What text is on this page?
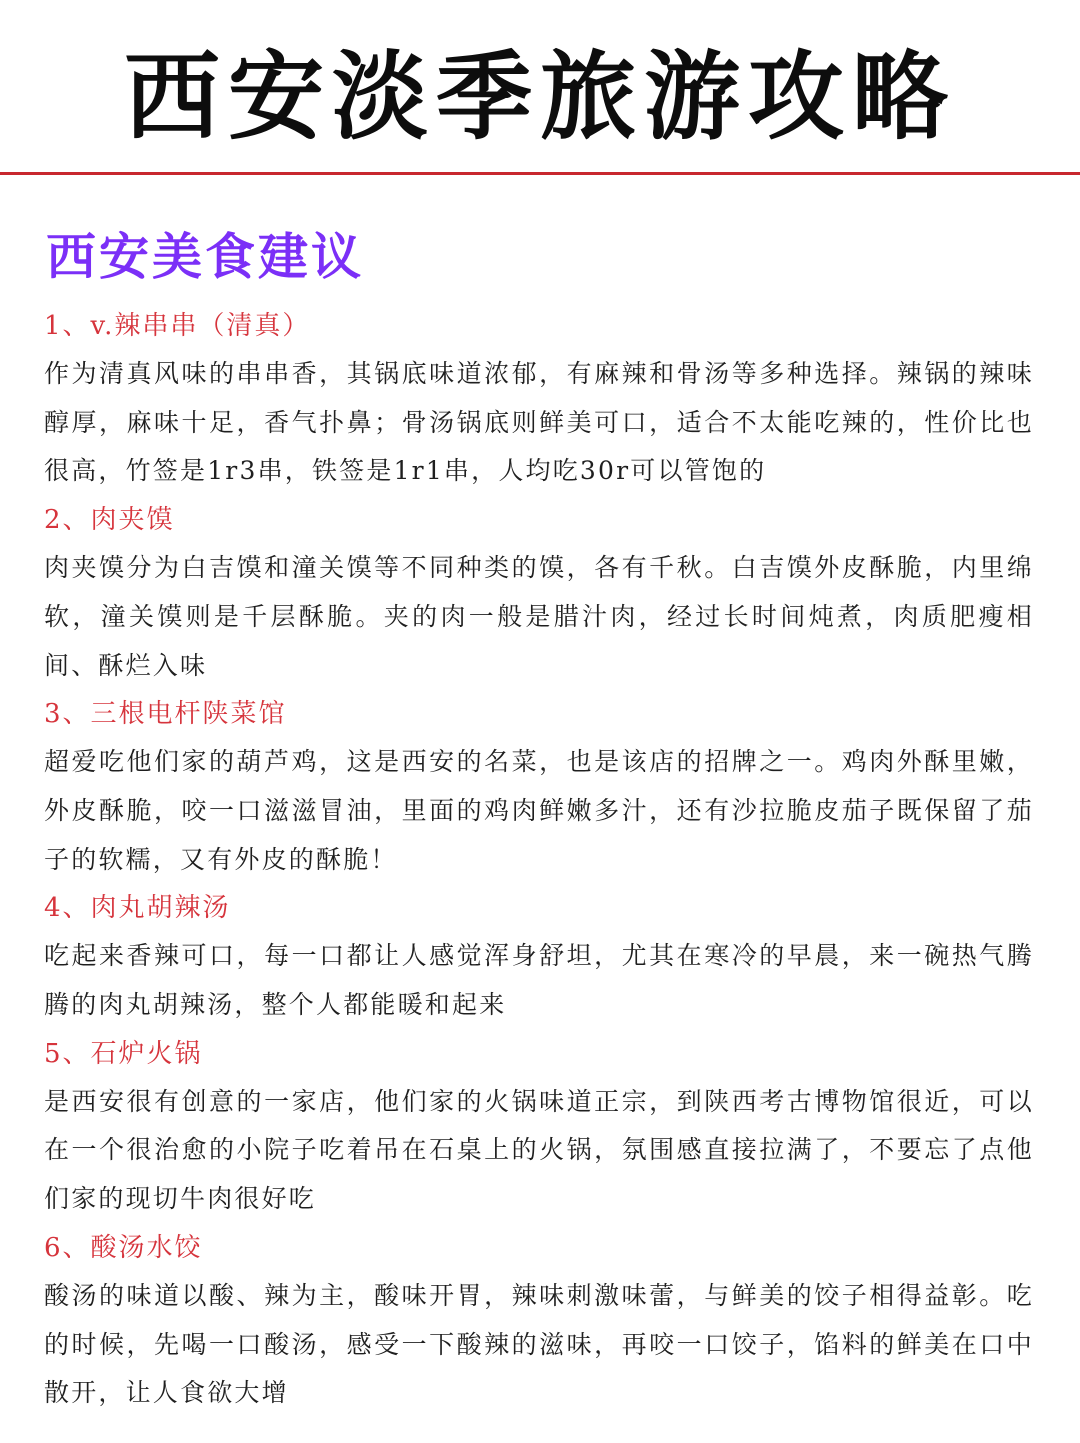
西安淡季旅游攻略
西安美食建议
1、v.辣串串（清真）

作为清真风味的串串香，其锅底味道浓郁，有麻辣和骨汤等多种选择。辣锅的辣味醇厚，麻味十足，香气扑鼻；骨汤锅底则鲜美可口，适合不太能吃辣的，性价比也很高，竹签是1r3串，铁签是1r1串，人均吃30r可以管饱的

2、肉夹馍

肉夹馍分为白吉馍和潼关馍等不同种类的馍，各有千秋。白吉馍外皮酥脆，内里绵软，潼关馍则是千层酥脆。夹的肉一般是腊汁肉，经过长时间炖煮，肉质肥瘦相间、酥烂入味

3、三根电杆陕菜馆

超爱吃他们家的葫芦鸡，这是西安的名菜，也是该店的招牌之一。鸡肉外酥里嫩，外皮酥脆，咬一口滋滋冒油，里面的鸡肉鲜嫩多汁，还有沙拉脆皮茄子既保留了茄子的软糯，又有外皮的酥脆！

4、肉丸胡辣汤

吃起来香辣可口，每一口都让人感觉浑身舒坦，尤其在寒冷的早晨，来一碗热气腾腾的肉丸胡辣汤，整个人都能暖和起来

5、石炉火锅

是西安很有创意的一家店，他们家的火锅味道正宗，到陕西考古博物馆很近，可以在一个很治愈的小院子吃着吊在石桌上的火锅，氛围感直接拉满了，不要忘了点他们家的现切牛肉很好吃

6、酸汤水饺

酸汤的味道以酸、辣为主，酸味开胃，辣味刺激味蕾，与鲜美的饺子相得益彰。吃的时候，先喝一口酸汤，感受一下酸辣的滋味，再咬一口饺子，馅料的鲜美在口中散开，让人食欲大增
